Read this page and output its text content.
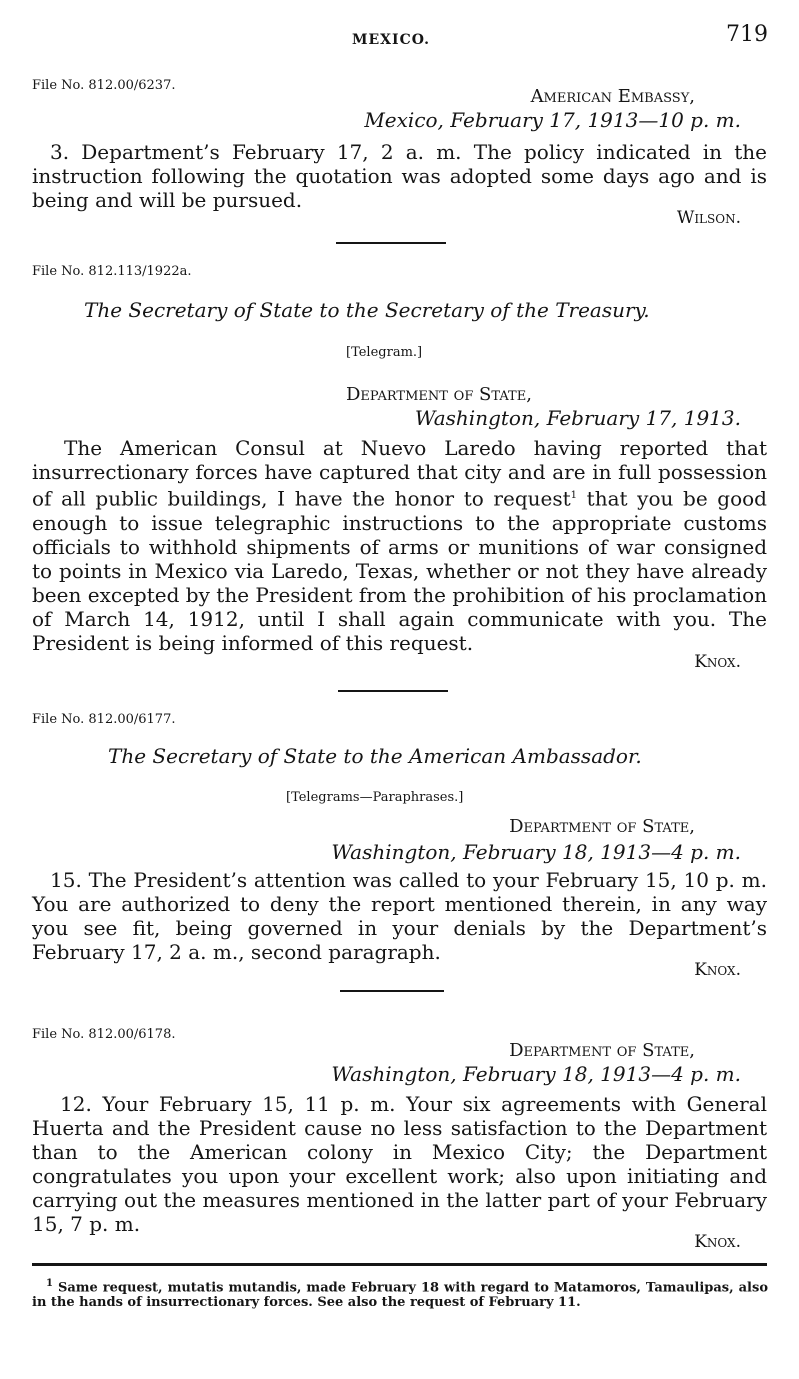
MEXICO.	719
File No. 812.00/6237.
American Embassy,
Mexico, February 17, 1913—10 p. m.
3. Department’s February 17, 2 a. m. The policy indicated in the instruction following the quotation was adopted some days ago and is being and will be pursued.
Wilson.
File No. 812.113/1922a.
The Secretary of State to the Secretary of the Treasury.
[Telegram.]
Department of State,
Washington, February 17, 1913.
The American Consul at Nuevo Laredo having reported that insurrectionary forces have captured that city and are in full possession of all public buildings, I have the honor to request$^1$ that you be good enough to issue telegraphic instructions to the appropriate customs officials to withhold shipments of arms or munitions of war consigned to points in Mexico via Laredo, Texas, whether or not they have already been excepted by the President from the prohibition of his proclamation of March 14, 1912, until I shall again communicate with you. The President is being informed of this request.
Knox.
File No. 812.00/6177.
The Secretary of State to the American Ambassador.
[Telegrams—Paraphrases.]
Department of State,
Washington, February 18, 1913—4 p. m.
15. The President’s attention was called to your February 15, 10 p. m. You are authorized to deny the report mentioned therein, in any way you see fit, being governed in your denials by the Department’s February 17, 2 a. m., second paragraph.
Knox.
File No. 812.00/6178.
Department of State,
Washington, February 18, 1913—4 p. m.
12. Your February 15, 11 p. m. Your six agreements with General Huerta and the President cause no less satisfaction to the Department than to the American colony in Mexico City; the Department congratulates you upon your excellent work; also upon initiating and carrying out the measures mentioned in the latter part of your February 15, 7 p. m.
Knox.
$^1$ Same request, mutatis mutandis, made February 18 with regard to Matamoros, Tamaulipas, also in the hands of insurrectionary forces. See also the request of February 11.
